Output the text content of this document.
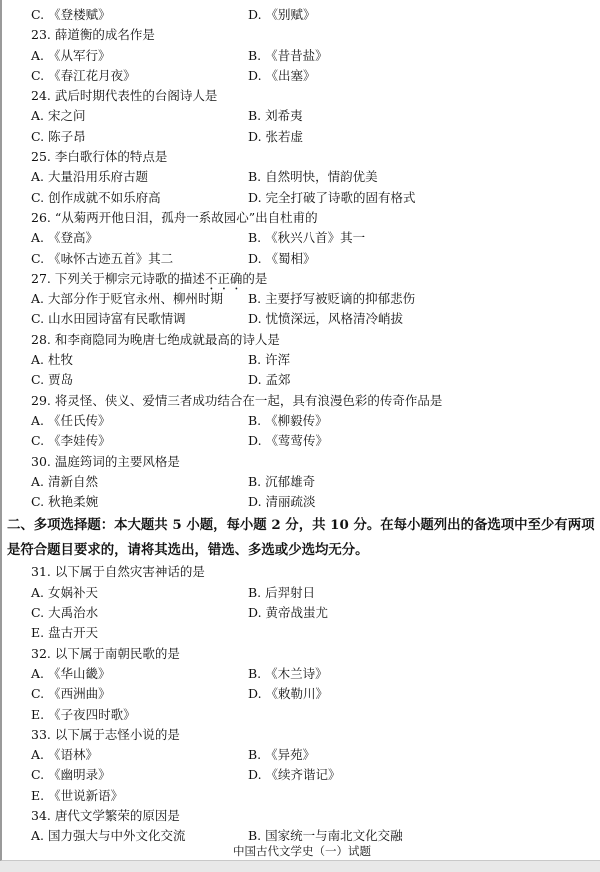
C. 《登楼赋》	D. 《别赋》
23. 薛道衡的成名作是
A. 《从军行》	B. 《昔昔盐》
C. 《春江花月夜》	D. 《出塞》
24. 武后时期代表性的台阁诗人是
A. 宋之问	B. 刘希夷
C. 陈子昂	D. 张若虚
25. 李白歌行体的特点是
A. 大量沿用乐府古题	B. 自然明快，情韵优美
C. 创作成就不如乐府高	D. 完全打破了诗歌的固有格式
26. “从菊两开他日泪，孤舟一系故园心”出自杜甫的
A. 《登高》	B. 《秋兴八首》其一
C. 《咏怀古迹五首》其二	D. 《蜀相》
27. 下列关于柳宗元诗歌的描述不正确的是
A. 大部分作于贬官永州、柳州时期 B. 主要抒写被贬谪的抑郁悲伤
C. 山水田园诗富有民歌情调	D. 忧愤深远，风格清冷峭拔
28. 和李商隐同为晚唐七绝成就最高的诗人是
A. 杜牧	B. 许浑
C. 贾岛	D. 孟郊
29. 将灵怪、侠义、爱情三者成功结合在一起，具有浪漫色彩的传奇作品是
A. 《任氏传》	B. 《柳毅传》
C. 《李娃传》	D. 《莺莺传》
30. 温庭筠词的主要风格是
A. 清新自然	B. 沉郁雄奇
C. 秋艳柔婉	D. 清丽疏淡
二、多项选择题：本大题共 5 小题，每小题 2 分，共 10 分。在每小题列出的备选项中至少有两项
是符合题目要求的，请将其选出，错选、多选或少选均无分。
31. 以下属于自然灾害神话的是
A. 女娲补天	B. 后羿射日
C. 大禹治水	D. 黄帝战蚩尤
E. 盘古开天
32. 以下属于南朝民歌的是
A. 《华山畿》	B. 《木兰诗》
C. 《西洲曲》	D. 《敕勒川》
E. 《子夜四时歌》
33. 以下属于志怪小说的是
A. 《语林》	B. 《异苑》
C. 《幽明录》	D. 《续齐谐记》
E. 《世说新语》
34. 唐代文学繁荣的原因是
A. 国力强大与中外文化交流	B. 国家统一与南北文化交融
中国古代文学史（一）试题
